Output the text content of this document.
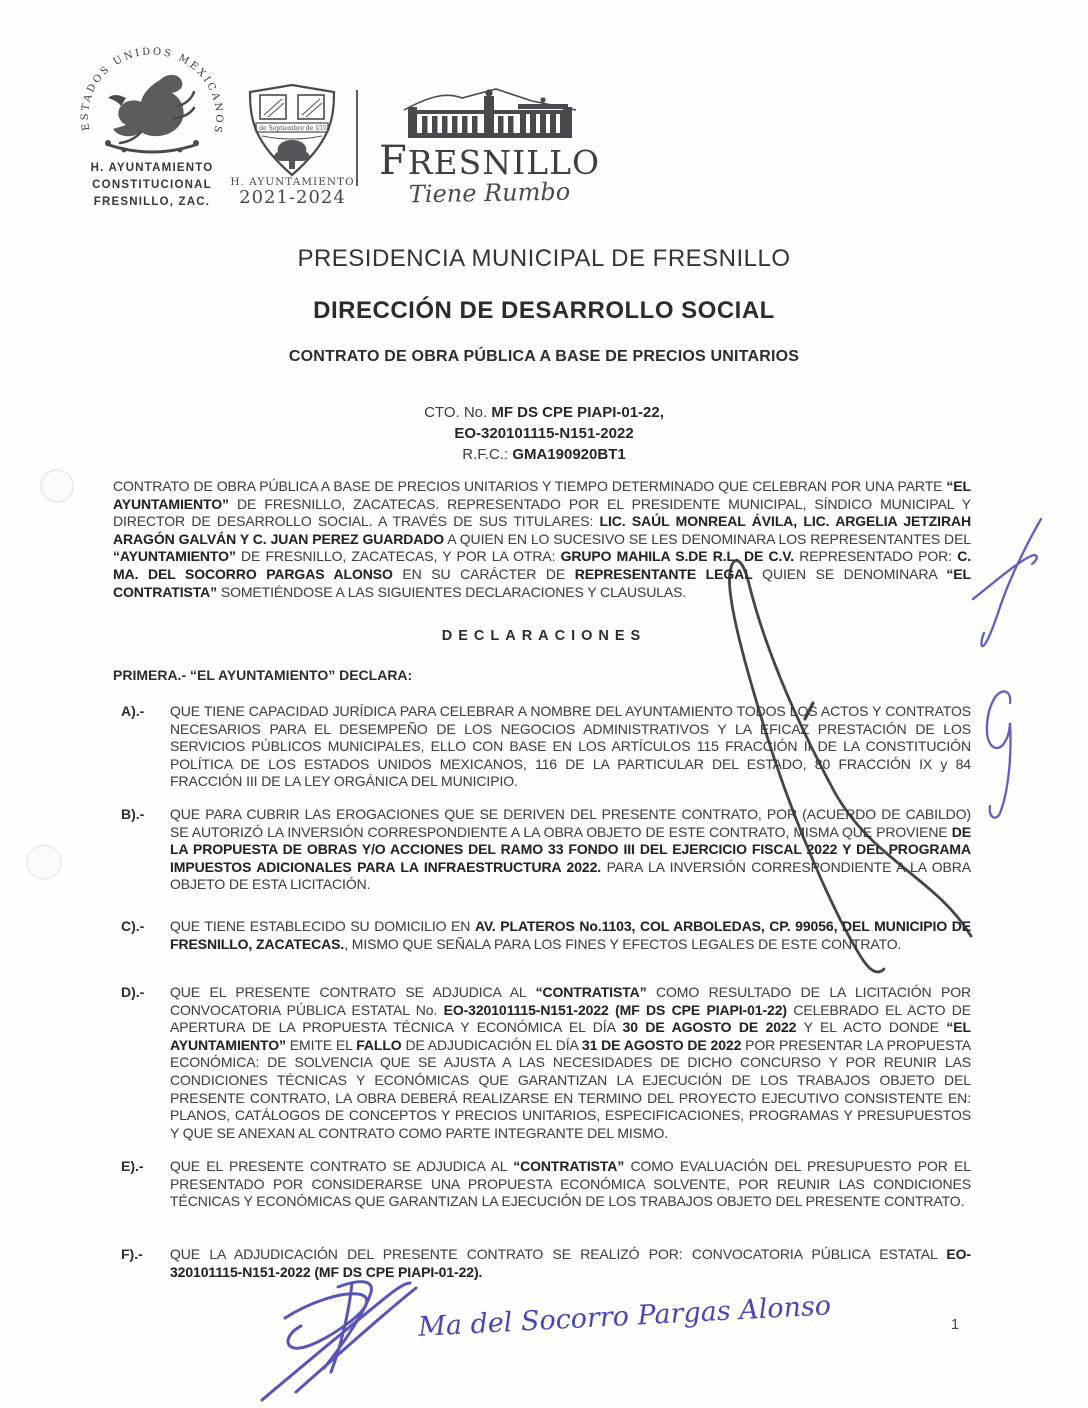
ESTADOS UNIDOS MEXICANOS
H. AYUNTAMIENTO
CONSTITUCIONAL
FRESNILLO, ZAC.
2 de Septiembre de 1554
H. AYUNTAMIENTO
2021-2024
FRESNILLO
Tiene Rumbo
PRESIDENCIA MUNICIPAL DE FRESNILLO
DIRECCIÓN DE DESARROLLO SOCIAL
CONTRATO DE OBRA PÚBLICA A BASE DE PRECIOS UNITARIOS
CTO. No. MF DS CPE PIAPI-01-22,
EO-320101115-N151-2022
R.F.C.: GMA190920BT1
CONTRATO DE OBRA PÚBLICA A BASE DE PRECIOS UNITARIOS Y TIEMPO DETERMINADO QUE CELEBRAN POR UNA PARTE “EL AYUNTAMIENTO” DE FRESNILLO, ZACATECAS. REPRESENTADO POR EL PRESIDENTE MUNICIPAL, SÍNDICO MUNICIPAL Y DIRECTOR DE DESARROLLO SOCIAL. A TRAVÉS DE SUS TITULARES: LIC. SAÚL MONREAL ÁVILA, LIC. ARGELIA JETZIRAH ARAGÓN GALVÁN Y C. JUAN PEREZ GUARDADO A QUIEN EN LO SUCESIVO SE LES DENOMINARA LOS REPRESENTANTES DEL “AYUNTAMIENTO” DE FRESNILLO, ZACATECAS, Y POR LA OTRA: GRUPO MAHILA S.DE R.L. DE C.V. REPRESENTADO POR: C. MA. DEL SOCORRO PARGAS ALONSO EN SU CARÁCTER DE REPRESENTANTE LEGAL QUIEN SE DENOMINARA “EL CONTRATISTA” SOMETIÉNDOSE A LAS SIGUIENTES DECLARACIONES Y CLAUSULAS.
DECLARACIONES
PRIMERA.- “EL AYUNTAMIENTO” DECLARA:
A).-	QUE TIENE CAPACIDAD JURÍDICA PARA CELEBRAR A NOMBRE DEL AYUNTAMIENTO TODOS LOS ACTOS Y CONTRATOS NECESARIOS PARA EL DESEMPEÑO DE LOS NEGOCIOS ADMINISTRATIVOS Y LA EFICAZ PRESTACIÓN DE LOS SERVICIOS PÚBLICOS MUNICIPALES, ELLO CON BASE EN LOS ARTÍCULOS 115 FRACCIÓN II DE LA CONSTITUCIÓN POLÍTICA DE LOS ESTADOS UNIDOS MEXICANOS, 116 DE LA PARTICULAR DEL ESTADO, 80 FRACCIÓN IX y 84 FRACCIÓN III DE LA LEY ORGÁNICA DEL MUNICIPIO.
B).-	QUE PARA CUBRIR LAS EROGACIONES QUE SE DERIVEN DEL PRESENTE CONTRATO, POR (ACUERDO DE CABILDO) SE AUTORIZÓ LA INVERSIÓN CORRESPONDIENTE A LA OBRA OBJETO DE ESTE CONTRATO, MISMA QUE PROVIENE DE LA PROPUESTA DE OBRAS Y/O ACCIONES DEL RAMO 33 FONDO III DEL EJERCICIO FISCAL 2022 Y DEL PROGRAMA IMPUESTOS ADICIONALES PARA LA INFRAESTRUCTURA 2022. PARA LA INVERSIÓN CORRESPONDIENTE A LA OBRA OBJETO DE ESTA LICITACIÓN.
C).-	QUE TIENE ESTABLECIDO SU DOMICILIO EN AV. PLATEROS No.1103, COL ARBOLEDAS, CP. 99056, DEL MUNICIPIO DE FRESNILLO, ZACATECAS., MISMO QUE SEÑALA PARA LOS FINES Y EFECTOS LEGALES DE ESTE CONTRATO.
D).-	QUE EL PRESENTE CONTRATO SE ADJUDICA AL “CONTRATISTA” COMO RESULTADO DE LA LICITACIÓN POR CONVOCATORIA PÚBLICA ESTATAL No. EO-320101115-N151-2022 (MF DS CPE PIAPI-01-22) CELEBRADO EL ACTO DE APERTURA DE LA PROPUESTA TÉCNICA Y ECONÓMICA EL DÍA 30 DE AGOSTO DE 2022 Y EL ACTO DONDE “EL AYUNTAMIENTO” EMITE EL FALLO DE ADJUDICACIÓN EL DÍA 31 DE AGOSTO DE 2022 POR PRESENTAR LA PROPUESTA ECONÓMICA: DE SOLVENCIA QUE SE AJUSTA A LAS NECESIDADES DE DICHO CONCURSO Y POR REUNIR LAS CONDICIONES TÉCNICAS Y ECONÓMICAS QUE GARANTIZAN LA EJECUCIÓN DE LOS TRABAJOS OBJETO DEL PRESENTE CONTRATO, LA OBRA DEBERÁ REALIZARSE EN TERMINO DEL PROYECTO EJECUTIVO CONSISTENTE EN: PLANOS, CATÁLOGOS DE CONCEPTOS Y PRECIOS UNITARIOS, ESPECIFICACIONES, PROGRAMAS Y PRESUPUESTOS Y QUE SE ANEXAN AL CONTRATO COMO PARTE INTEGRANTE DEL MISMO.
E).-	QUE EL PRESENTE CONTRATO SE ADJUDICA AL “CONTRATISTA” COMO EVALUACIÓN DEL PRESUPUESTO POR EL PRESENTADO POR CONSIDERARSE UNA PROPUESTA ECONÓMICA SOLVENTE, POR REUNIR LAS CONDICIONES TÉCNICAS Y ECONÓMICAS QUE GARANTIZAN LA EJECUCIÓN DE LOS TRABAJOS OBJETO DEL PRESENTE CONTRATO.
F).-	QUE LA ADJUDICACIÓN DEL PRESENTE CONTRATO SE REALIZÓ POR: CONVOCATORIA PÚBLICA ESTATAL EO-320101115-N151-2022 (MF DS CPE PIAPI-01-22).
Ma del Socorro Pargas Alonso	1
